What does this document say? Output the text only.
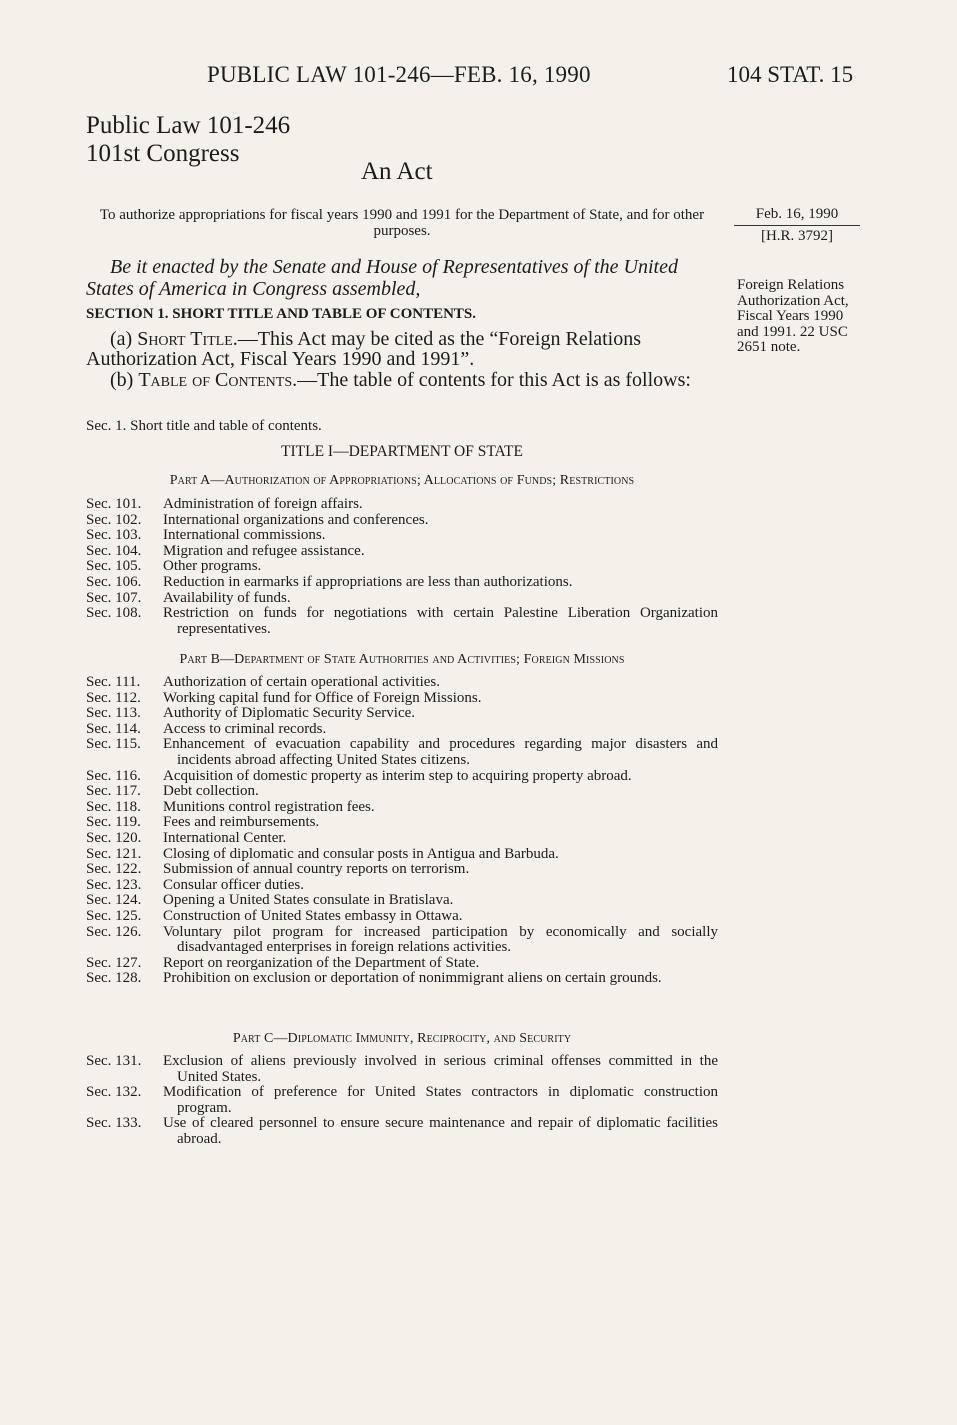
PUBLIC LAW 101-246—FEB. 16, 1990	104 STAT. 15
Public Law 101-246
101st Congress
An Act
To authorize appropriations for fiscal years 1990 and 1991 for the Department of State, and for other purposes.
Feb. 16, 1990
[H.R. 3792]
Be it enacted by the Senate and House of Representatives of the United States of America in Congress assembled,	Foreign Relations Authorization Act, Fiscal Years 1990 and 1991. 22 USC 2651 note.
SECTION 1. SHORT TITLE AND TABLE OF CONTENTS.
(a) Short Title.—This Act may be cited as the “Foreign Relations Authorization Act, Fiscal Years 1990 and 1991”.
(b) Table of Contents.—The table of contents for this Act is as follows:
Sec. 1. Short title and table of contents.
TITLE I—DEPARTMENT OF STATE
Part A—Authorization of Appropriations; Allocations of Funds; Restrictions
Sec. 101.	Administration of foreign affairs.
Sec. 102.	International organizations and conferences.
Sec. 103.	International commissions.
Sec. 104.	Migration and refugee assistance.
Sec. 105.	Other programs.
Sec. 106.	Reduction in earmarks if appropriations are less than authorizations.
Sec. 107.	Availability of funds.
Sec. 108.	Restriction on funds for negotiations with certain Palestine Liberation Organization representatives.
Part B—Department of State Authorities and Activities; Foreign Missions
Sec. 111.	Authorization of certain operational activities.
Sec. 112.	Working capital fund for Office of Foreign Missions.
Sec. 113.	Authority of Diplomatic Security Service.
Sec. 114.	Access to criminal records.
Sec. 115.	Enhancement of evacuation capability and procedures regarding major disasters and incidents abroad affecting United States citizens.
Sec. 116.	Acquisition of domestic property as interim step to acquiring property abroad.
Sec. 117.	Debt collection.
Sec. 118.	Munitions control registration fees.
Sec. 119.	Fees and reimbursements.
Sec. 120.	International Center.
Sec. 121.	Closing of diplomatic and consular posts in Antigua and Barbuda.
Sec. 122.	Submission of annual country reports on terrorism.
Sec. 123.	Consular officer duties.
Sec. 124.	Opening a United States consulate in Bratislava.
Sec. 125.	Construction of United States embassy in Ottawa.
Sec. 126.	Voluntary pilot program for increased participation by economically and socially disadvantaged enterprises in foreign relations activities.
Sec. 127.	Report on reorganization of the Department of State.
Sec. 128.	Prohibition on exclusion or deportation of nonimmigrant aliens on certain grounds.
Part C—Diplomatic Immunity, Reciprocity, and Security
Sec. 131.	Exclusion of aliens previously involved in serious criminal offenses committed in the United States.
Sec. 132.	Modification of preference for United States contractors in diplomatic construction program.
Sec. 133.	Use of cleared personnel to ensure secure maintenance and repair of diplomatic facilities abroad.
